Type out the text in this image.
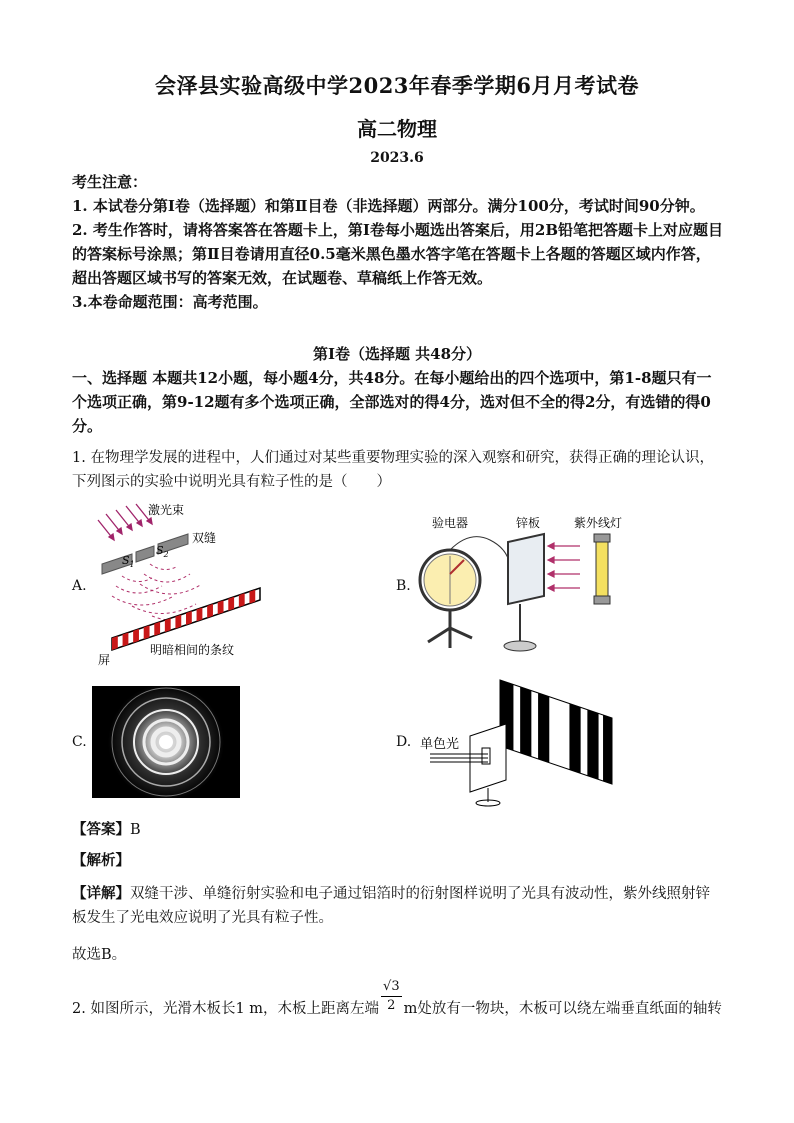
会泽县实验高级中学2023年春季学期6月月考试卷
高二物理
2023.6

考生注意：

1. 本试卷分第Ⅰ卷（选择题）和第Ⅱ目卷（非选择题）两部分。满分100分，考试时间90分钟。

2. 考生作答时，请将答案答在答题卡上，第Ⅰ卷每小题选出答案后，用2B铅笔把答题卡上对应题目的答案标号涂黑；第Ⅱ目卷请用直径0.5毫米黑色墨水答字笔在答题卡上各题的答题区域内作答，超出答题区域书写的答案无效，在试题卷、草稿纸上作答无效。

3.本卷命题范围：高考范围。

第Ⅰ卷（选择题 共48分）
一、选择题 本题共12小题，每小题4分，共48分。在每小题给出的四个选项中，第1-8题只有一个选项正确，第9-12题有多个选项正确，全部选对的得4分，选对但不全的得2分，有选错的得0分。
1. 在物理学发展的进程中，人们通过对某些重要物理实验的深入观察和研究，获得正确的理论认识，下列图示的实验中说明光具有粒子性的是（　　）
A.
激光束
$S_1$
$S_2$
双缝
屏
明暗相间的条纹
B.
验电器	锌板	紫外线灯
C.	D. 单色光
【答案】B
【解析】
【详解】双缝干涉、单缝衍射实验和电子通过铝箔时的衍射图样说明了光具有波动性，紫外线照射锌板发生了光电效应说明了光具有粒子性。
故选B。
2. 如图所示，光滑木板长1 m，木板上距离左端 $\frac{√3}{2}$ m处放有一物块，木板可以绕左端垂直纸面的轴转
